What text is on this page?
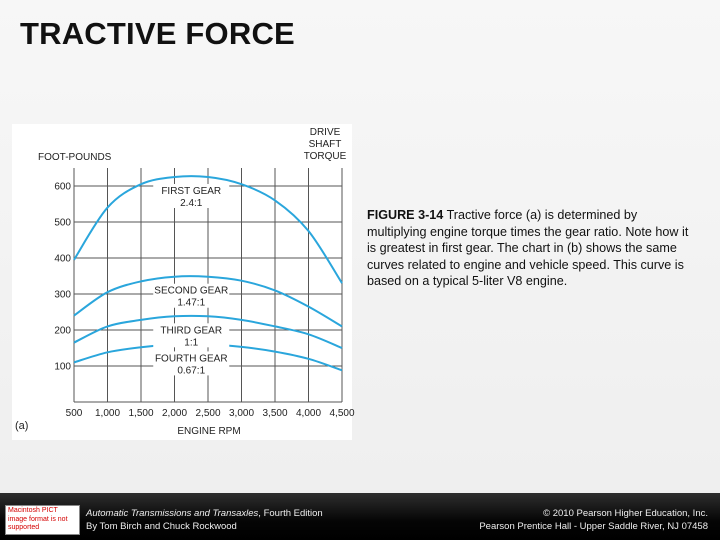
TRACTIVE FORCE
FOOT-POUNDS
DRIVE
SHAFT
TORQUE
100
200
300
400
500
600
500 1,000 1,500 2,000 2,500 3,000 3,500 4,000 4,500
FIRST GEAR
2.4:1
SECOND GEAR
1.47:1
THIRD GEAR
1:1
FOURTH GEAR
0.67:1
ENGINE RPM
(a)
FIGURE 3-14 Tractive force (a) is determined by multiplying engine torque times the gear ratio. Note how it is greatest in first gear. The chart in (b) shows the same curves related to engine and vehicle speed. This curve is based on a typical 5-liter V8 engine.
Macintosh PICT image format is not supported
Automatic Transmissions and Transaxles, Fourth Edition
By Tom Birch and Chuck Rockwood
© 2010 Pearson Higher Education, Inc.
Pearson Prentice Hall - Upper Saddle River, NJ 07458
